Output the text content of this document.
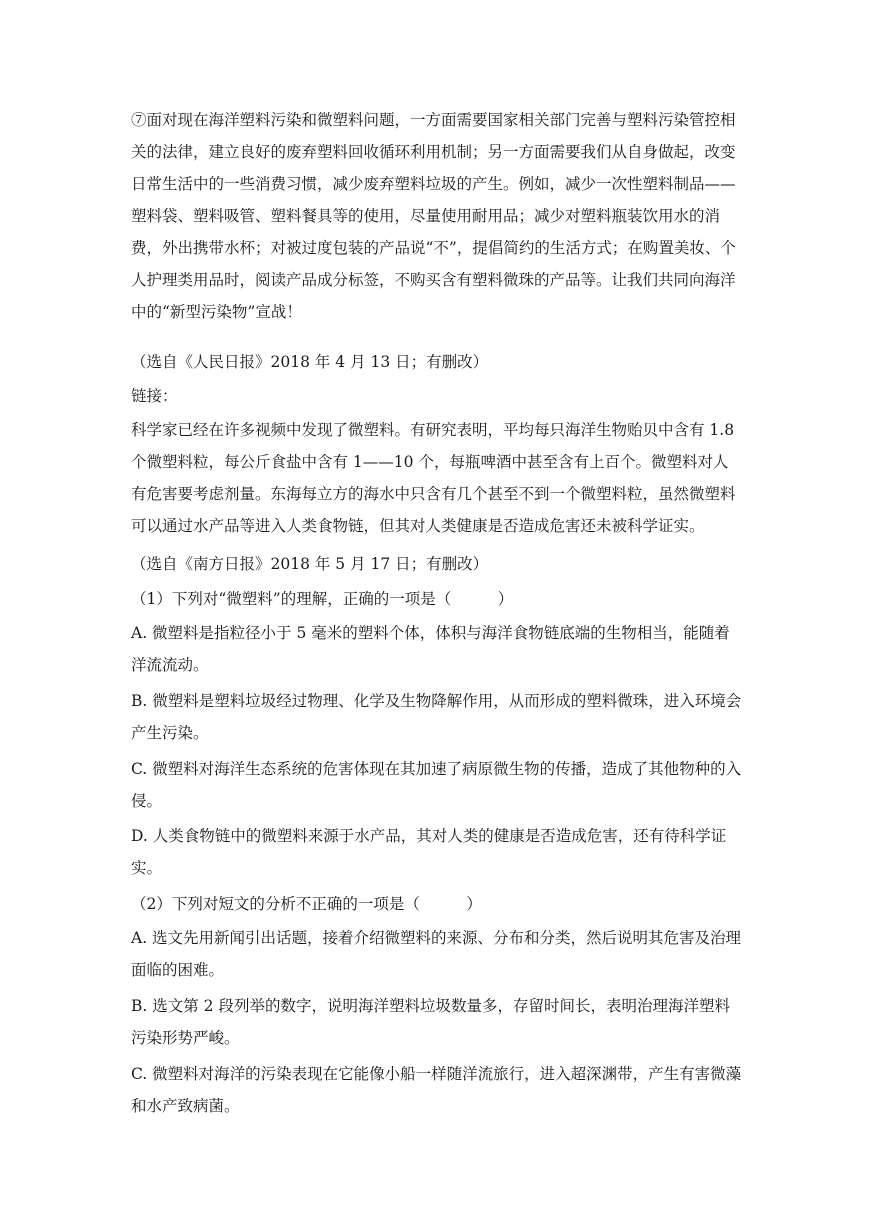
⑦面对现在海洋塑料污染和微塑料问题，一方面需要国家相关部门完善与塑料污染管控相关的法律，建立良好的废弃塑料回收循环利用机制；另一方面需要我们从自身做起，改变日常生活中的一些消费习惯，减少废弃塑料垃圾的产生。例如，减少一次性塑料制品——塑料袋、塑料吸管、塑料餐具等的使用，尽量使用耐用品；减少对塑料瓶装饮用水的消费，外出携带水杯；对被过度包装的产品说“不”，提倡简约的生活方式；在购置美妆、个人护理类用品时，阅读产品成分标签，不购买含有塑料微珠的产品等。让我们共同向海洋中的“新型污染物”宣战！

（选自《人民日报》2018 年 4 月 13 日；有删改）

链接：

科学家已经在许多视频中发现了微塑料。有研究表明，平均每只海洋生物贻贝中含有 1.8 个微塑料粒，每公斤食盐中含有 1——10 个，每瓶啤酒中甚至含有上百个。微塑料对人有危害要考虑剂量。东海每立方的海水中只含有几个甚至不到一个微塑料粒，虽然微塑料可以通过水产品等进入人类食物链，但其对人类健康是否造成危害还未被科学证实。

（选自《南方日报》2018 年 5 月 17 日；有删改）

（1）下列对“微塑料”的理解，正确的一项是（　　　）

A. 微塑料是指粒径小于 5 毫米的塑料个体，体积与海洋食物链底端的生物相当，能随着洋流流动。

B. 微塑料是塑料垃圾经过物理、化学及生物降解作用，从而形成的塑料微珠，进入环境会产生污染。

C. 微塑料对海洋生态系统的危害体现在其加速了病原微生物的传播，造成了其他物种的入侵。

D. 人类食物链中的微塑料来源于水产品，其对人类的健康是否造成危害，还有待科学证实。

（2）下列对短文的分析不正确的一项是（　　　）

A. 选文先用新闻引出话题，接着介绍微塑料的来源、分布和分类，然后说明其危害及治理面临的困难。

B. 选文第 2 段列举的数字，说明海洋塑料垃圾数量多，存留时间长，表明治理海洋塑料污染形势严峻。

C. 微塑料对海洋的污染表现在它能像小船一样随洋流旅行，进入超深渊带，产生有害微藻和水产致病菌。
